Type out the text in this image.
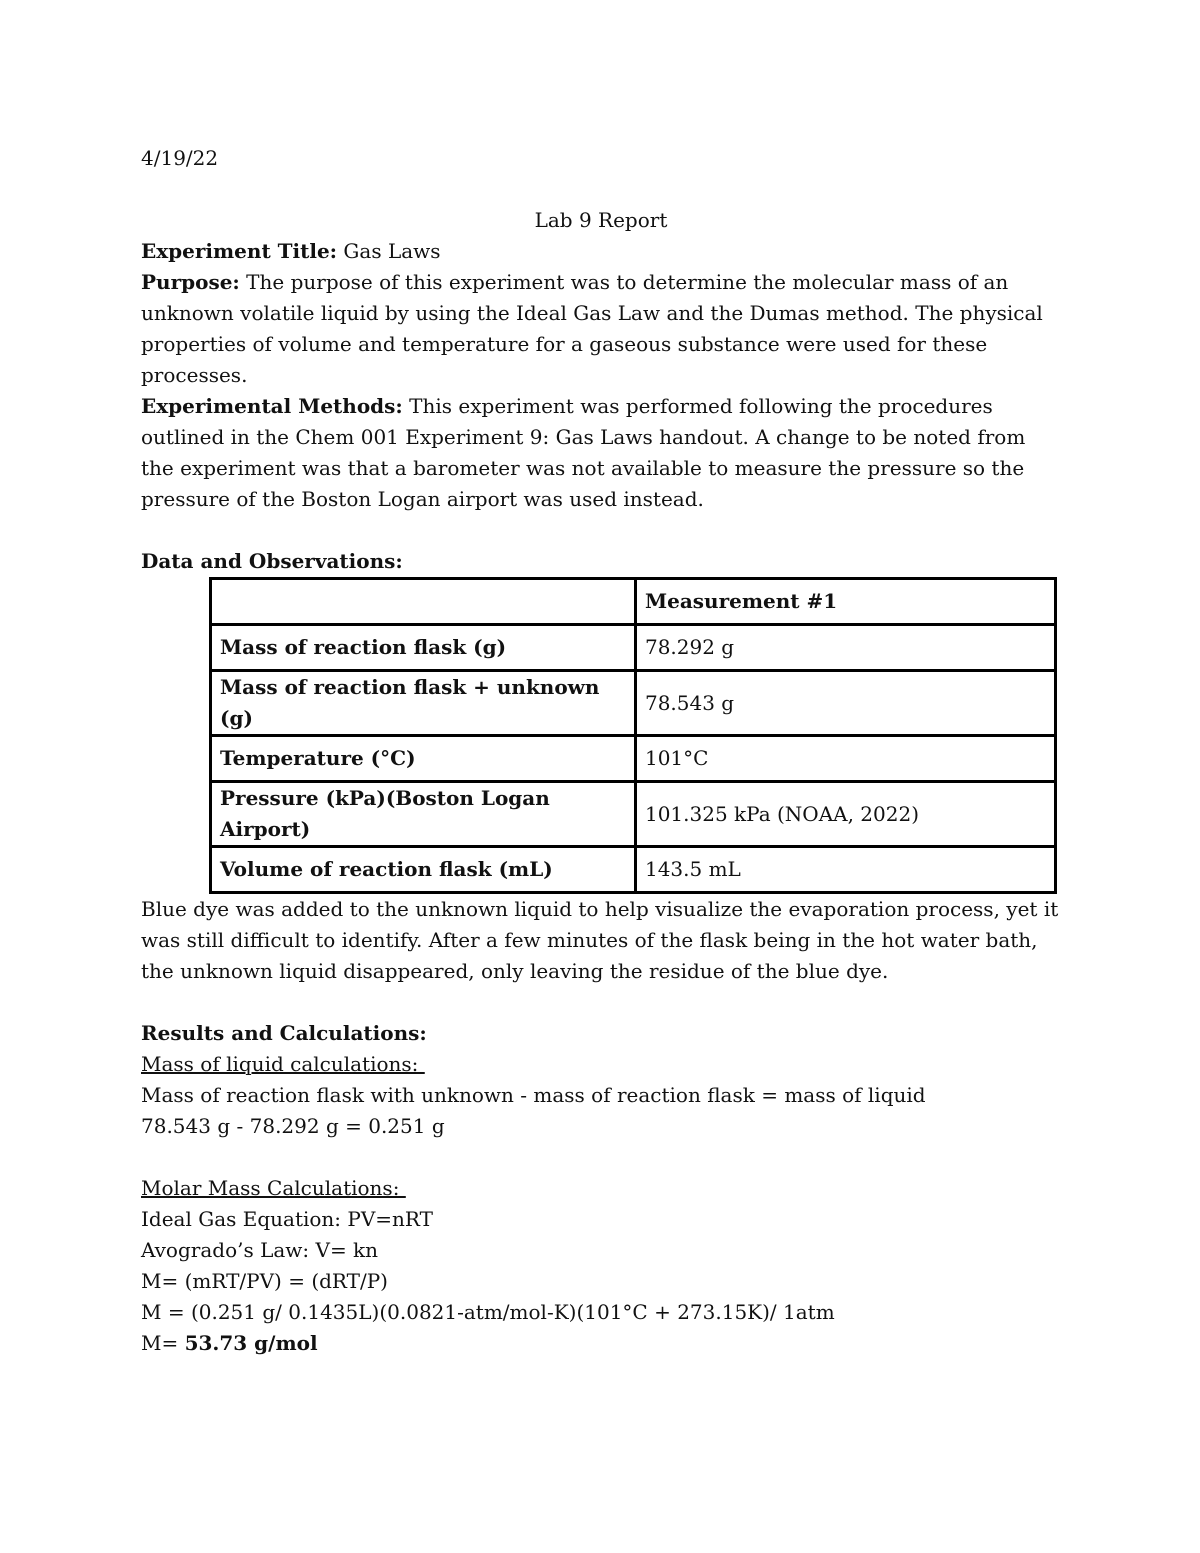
4/19/22

Lab 9 Report

Experiment Title: Gas Laws

Purpose: The purpose of this experiment was to determine the molecular mass of an unknown volatile liquid by using the Ideal Gas Law and the Dumas method. The physical properties of volume and temperature for a gaseous substance were used for these processes.

Experimental Methods: This experiment was performed following the procedures outlined in the Chem 001 Experiment 9: Gas Laws handout. A change to be noted from the experiment was that a barometer was not available to measure the pressure so the pressure of the Boston Logan airport was used instead.

Data and Observations:

	Measurement #1
Mass of reaction flask (g)	78.292 g
Mass of reaction flask + unknown (g)	78.543 g
Temperature (°C)	101°C
Pressure (kPa)(Boston Logan Airport)	101.325 kPa (NOAA, 2022)
Volume of reaction flask (mL)	143.5 mL

Blue dye was added to the unknown liquid to help visualize the evaporation process, yet it was still difficult to identify. After a few minutes of the flask being in the hot water bath, the unknown liquid disappeared, only leaving the residue of the blue dye.

Results and Calculations:

Mass of liquid calculations:

Mass of reaction flask with unknown - mass of reaction flask = mass of liquid

78.543 g - 78.292 g = 0.251 g

Molar Mass Calculations:

Ideal Gas Equation: PV=nRT

Avogrado’s Law: V= kn

M= (mRT/PV) = (dRT/P)

M = (0.251 g/ 0.1435L)(0.0821-atm/mol-K)(101°C + 273.15K)/ 1atm

M= 53.73 g/mol
